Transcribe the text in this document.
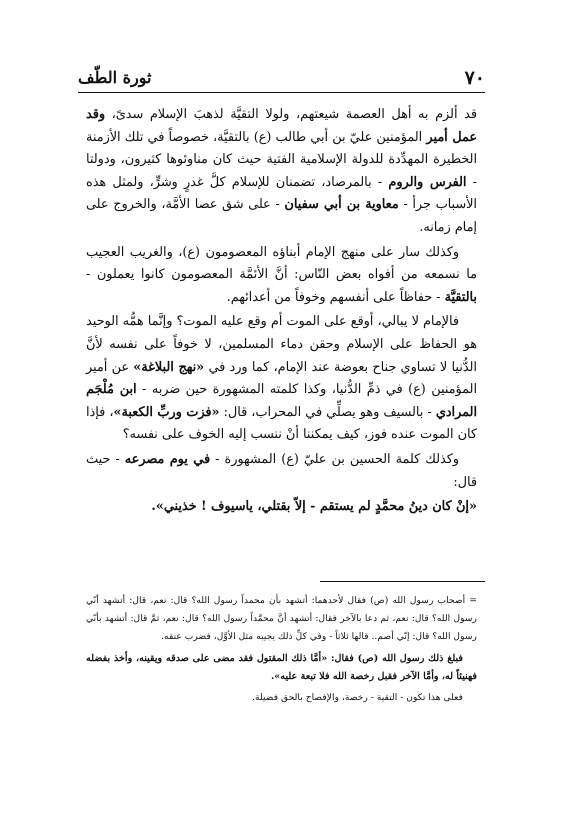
ثورة الطّف	٧٠

قد ألزم به أهل العصمة شيعتهم، ولولا التقيَّة لذهبَ الإسلام سدىً، وقد عمل أمير المؤمنين عليّ بن أبي طالب (ع) بالتقيَّة، خصوصاً في تلك الأزمنة الخطيرة المهدِّدة للدولة الإسلامية الفتية حيث كان مناوئوها كثيرون، ودولتا - الفرس والروم - بالمرصاد، تضمنان للإسلام كلَّ غدرٍ وشرٍّ، ولمثل هذه الأسباب جرأ - معاوية بن أبي سفيان - على شق عصا الأمَّة، والخروج على إمام زمانه.

وكذلك سار على منهج الإمام أبناؤه المعصومون (ع)، والغريب العجيب ما نسمعه من أفواه بعض النّاس: أنَّ الأئمَّة المعصومون كانوا يعملون - بالتقيَّة - حفاظاً على أنفسهم وخوفاً من أعدائهم.

فالإمام لا يبالي، أوقع على الموت أم وقع عليه الموت؟ وإنَّما همُّه الوحيد هو الحفاظ على الإسلام وحقن دماء المسلمين، لا خوفاً على نفسه لأنَّ الدُّنيا لا تساوي جناح بعوضة عند الإمام، كما ورد في «نهج البلاغة» عن أمير المؤمنين (ع) في ذمِّ الدُّنيا، وكذا كلمته المشهورة حين ضربه - ابن مُلْجَم المرادي - بالسيف وهو يصلِّي في المحراب، قال: «فزت وربِّ الكعبة»، فإذا كان الموت عنده فوز، كيف يمكننا أنْ ننسب إليه الخوف على نفسه؟

وكذلك كلمة الحسين بن عليّ (ع) المشهورة - في يوم مصرعه - حيث قال:

«إنْ كان دينُ محمَّدٍ لم يستقم - إلاّ بقتلي، ياسيوف ! خذيني».

= أصحاب رسول الله (ص) فقال لأحدهما: أتشهد بأن محمداً رسول الله؟ قال: نعم، قال: أتشهد أنّي رسول الله؟ قال: نعم، ثم دعا بالآخر فقال: أتشهد أنَّ محمَّداً رسول الله؟ قال: نعم، ثمَّ قال: أتشهد بأنّي رسول الله؟ قال: إنّي أصم.. قالها ثلاثاً - وفي كلِّ ذلك يجيبه مثل الأوَّل، فضرب عنقه.

فبلغ ذلك رسول الله (ص) فقال: «أمَّا ذلك المقتول فقد مضى على صدقه ويقينه، وأخذ بفضله فهنيئاً له، وأمَّا الآخر فقبل رخصة الله فلا تبعة عليه».

فعلى هذا تكون - التقية - رخصة، والإفصاح بالحق فضيلة.
